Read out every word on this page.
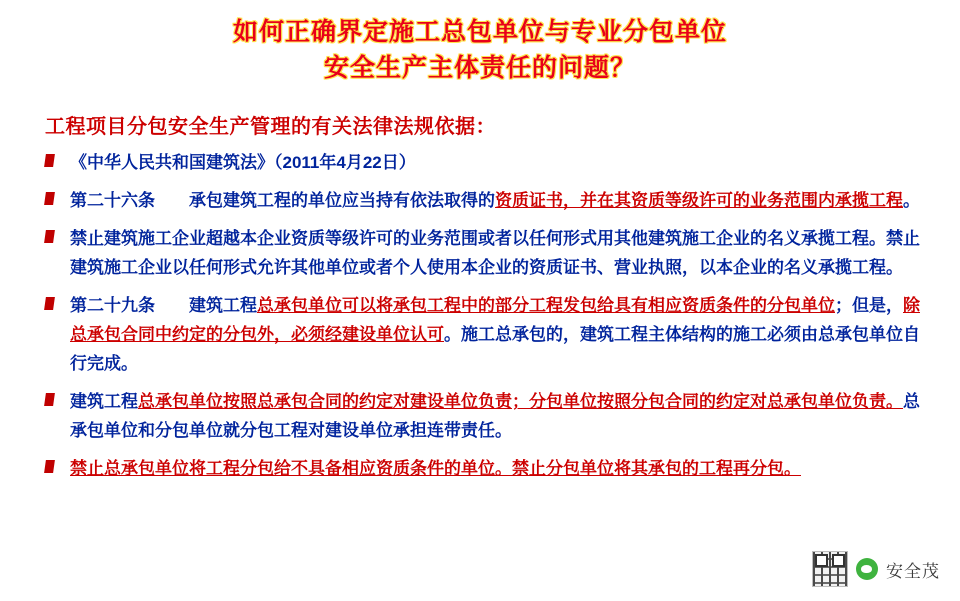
如何正确界定施工总包单位与专业分包单位
安全生产主体责任的问题？
工程项目分包安全生产管理的有关法律法规依据：
《中华人民共和国建筑法》（2011年4月22日）
第二十六条　　 承包建筑工程的单位应当持有依法取得的资质证书，并在其资质等级许可的业务范围内承揽工程。
禁止建筑施工企业超越本企业资质等级许可的业务范围或者以任何形式用其他建筑施工企业的名义承揽工程。禁止建筑施工企业以任何形式允许其他单位或者个人使用本企业的资质证书、营业执照，以本企业的名义承揽工程。
第二十九条　　 建筑工程总承包单位可以将承包工程中的部分工程发包给具有相应资质条件的分包单位；但是，除总承包合同中约定的分包外，必须经建设单位认可。施工总承包的，建筑工程主体结构的施工必须由总承包单位自行完成。
建筑工程总承包单位按照总承包合同的约定对建设单位负责；分包单位按照分包合同的约定对总承包单位负责。总承包单位和分包单位就分包工程对建设单位承担连带责任。
禁止总承包单位将工程分包给不具备相应资质条件的单位。禁止分包单位将其承包的工程再分包。
安全茂
